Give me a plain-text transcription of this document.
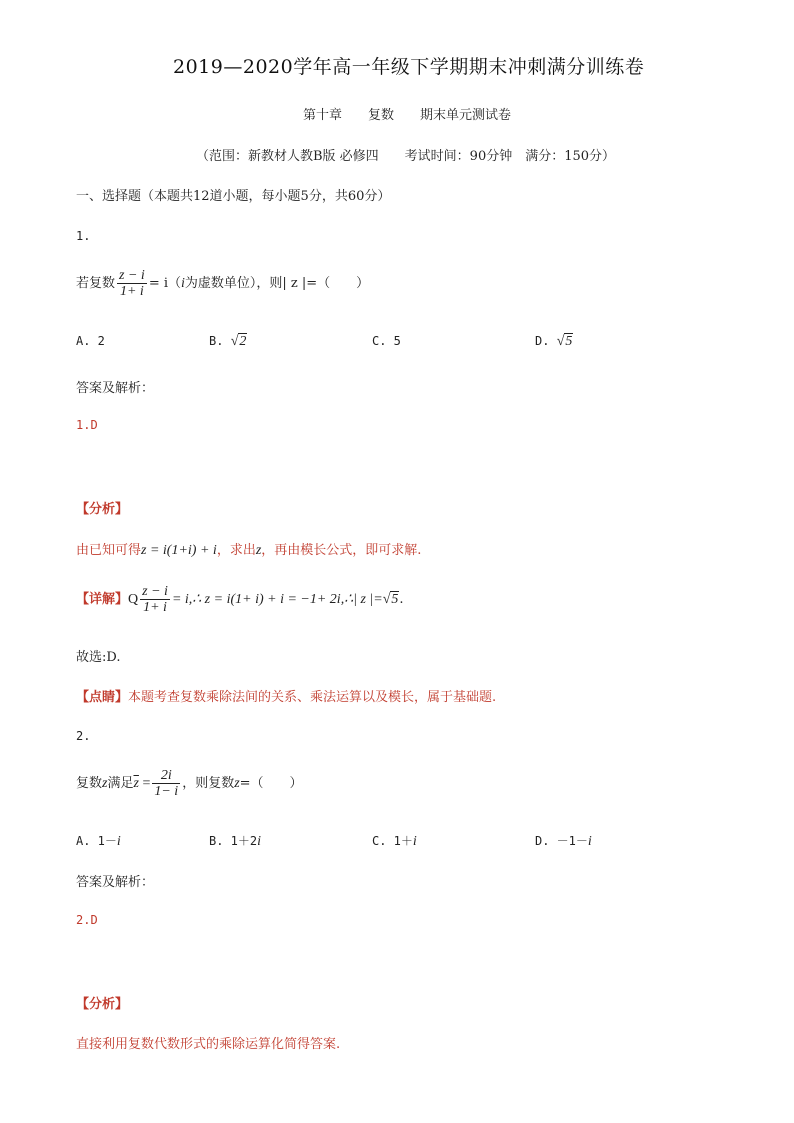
2019—2020学年高一年级下学期期末冲刺满分训练卷
第十章　　复数　　期末单元测试卷
（范围：新教材人教B版 必修四　　考试时间：90分钟　满分：150分）
一、选择题（本题共12道小题，每小题5分，共60分）
1.
若复数 $\frac{z - i}{1+ i} = i(i$为虚数单位），则| z |=（　　）
A. 2	B. √2	C. 5	D. √5
答案及解析：
1.D
【分析】
由已知可得z = i(1+i) + i，求出z，再由模长公式，即可求解.
【详解】Q $\frac{z - i}{1+ i}$ = i,∴ z = i(1+ i) + i = −1+ 2i,∴| z |=√5.
故选:D.
【点睛】本题考查复数乘除法间的关系、乘法运算以及模长，属于基础题.
2.
复数z满足$\overline{z} = \frac{2i}{1- i}$ ，则复数z=（　　）
A. 1－i	B. 1＋2i	C. 1＋i	D. －1－i
答案及解析：
2.D
【分析】
直接利用复数代数形式的乘除运算化简得答案.
